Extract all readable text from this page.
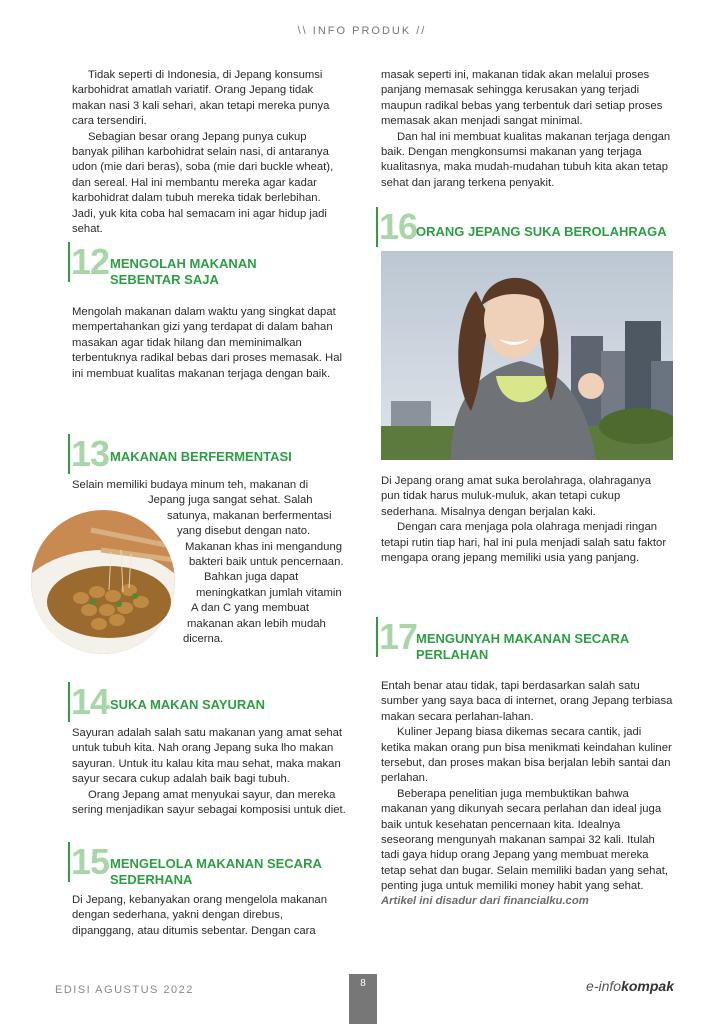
\\ INFO PRODUK //

Tidak seperti di Indonesia, di Jepang konsumsi karbohidrat amatlah variatif. Orang Jepang tidak makan nasi 3 kali sehari, akan tetapi mereka punya cara tersendiri.

Sebagian besar orang Jepang punya cukup banyak pilihan karbohidrat selain nasi, di antaranya udon (mie dari beras), soba (mie dari buckle wheat), dan sereal. Hal ini membantu mereka agar kadar karbohidrat dalam tubuh mereka tidak berlebihan. Jadi, yuk kita coba hal semacam ini agar hidup jadi sehat.

12 MENGOLAH MAKANAN
SEBENTAR SAJA

Mengolah makanan dalam waktu yang singkat dapat mempertahankan gizi yang terdapat di dalam bahan masakan agar tidak hilang dan meminimalkan terbentuknya radikal bebas dari proses memasak. Hal ini membuat kualitas makanan terjaga dengan baik.

13 MAKANAN BERFERMENTASI
Selain memiliki budaya minum teh, makanan di
Jepang juga sangat sehat. Salah
satunya, makanan berfermentasi
yang disebut dengan nato.
Makanan khas ini mengandung
bakteri baik untuk pencernaan.
Bahkan juga dapat
meningkatkan jumlah vitamin
A dan C yang membuat
makanan akan lebih mudah
dicerna.
14 SUKA MAKAN SAYURAN

Sayuran adalah salah satu makanan yang amat sehat untuk tubuh kita. Nah orang Jepang suka lho makan sayuran. Untuk itu kalau kita mau sehat, maka makan sayur secara cukup adalah baik bagi tubuh.

Orang Jepang amat menyukai sayur, dan mereka sering menjadikan sayur sebagai komposisi untuk diet.

15 MENGELOLA MAKANAN SECARA
SEDERHANA

Di Jepang, kebanyakan orang mengelola makanan dengan sederhana, yakni dengan direbus, dipanggang, atau ditumis sebentar. Dengan cara

masak seperti ini, makanan tidak akan melalui proses panjang memasak sehingga kerusakan yang terjadi maupun radikal bebas yang terbentuk dari setiap proses memasak akan menjadi sangat minimal.

Dan hal ini membuat kualitas makanan terjaga dengan baik. Dengan mengkonsumsi makanan yang terjaga kualitasnya, maka mudah-mudahan tubuh kita akan tetap sehat dan jarang terkena penyakit.

16
ORANG JEPANG SUKA BEROLAHRAGA

Di Jepang orang amat suka berolahraga, olahraganya pun tidak harus muluk-muluk, akan tetapi cukup sederhana. Misalnya dengan berjalan kaki.

Dengan cara menjaga pola olahraga menjadi ringan tetapi rutin tiap hari, hal ini pula menjadi salah satu faktor mengapa orang jepang memiliki usia yang panjang.

17
MENGUNYAH MAKANAN SECARA
PERLAHAN

Entah benar atau tidak, tapi berdasarkan salah satu sumber yang saya baca di internet, orang Jepang terbiasa makan secara perlahan-lahan.

Kuliner Jepang biasa dikemas secara cantik, jadi ketika makan orang pun bisa menikmati keindahan kuliner tersebut, dan proses makan bisa berjalan lebih santai dan perlahan.

Beberapa penelitian juga membuktikan bahwa makanan yang dikunyah secara perlahan dan ideal juga baik untuk kesehatan pencernaan kita. Idealnya seseorang mengunyah makanan sampai 32 kali. Itulah tadi gaya hidup orang Jepang yang membuat mereka tetap sehat dan bugar. Selain memiliki badan yang sehat, penting juga untuk memiliki money habit yang sehat.

Artikel ini disadur dari financialku.com
EDISI AGUSTUS 2022
8	e-infokompak
